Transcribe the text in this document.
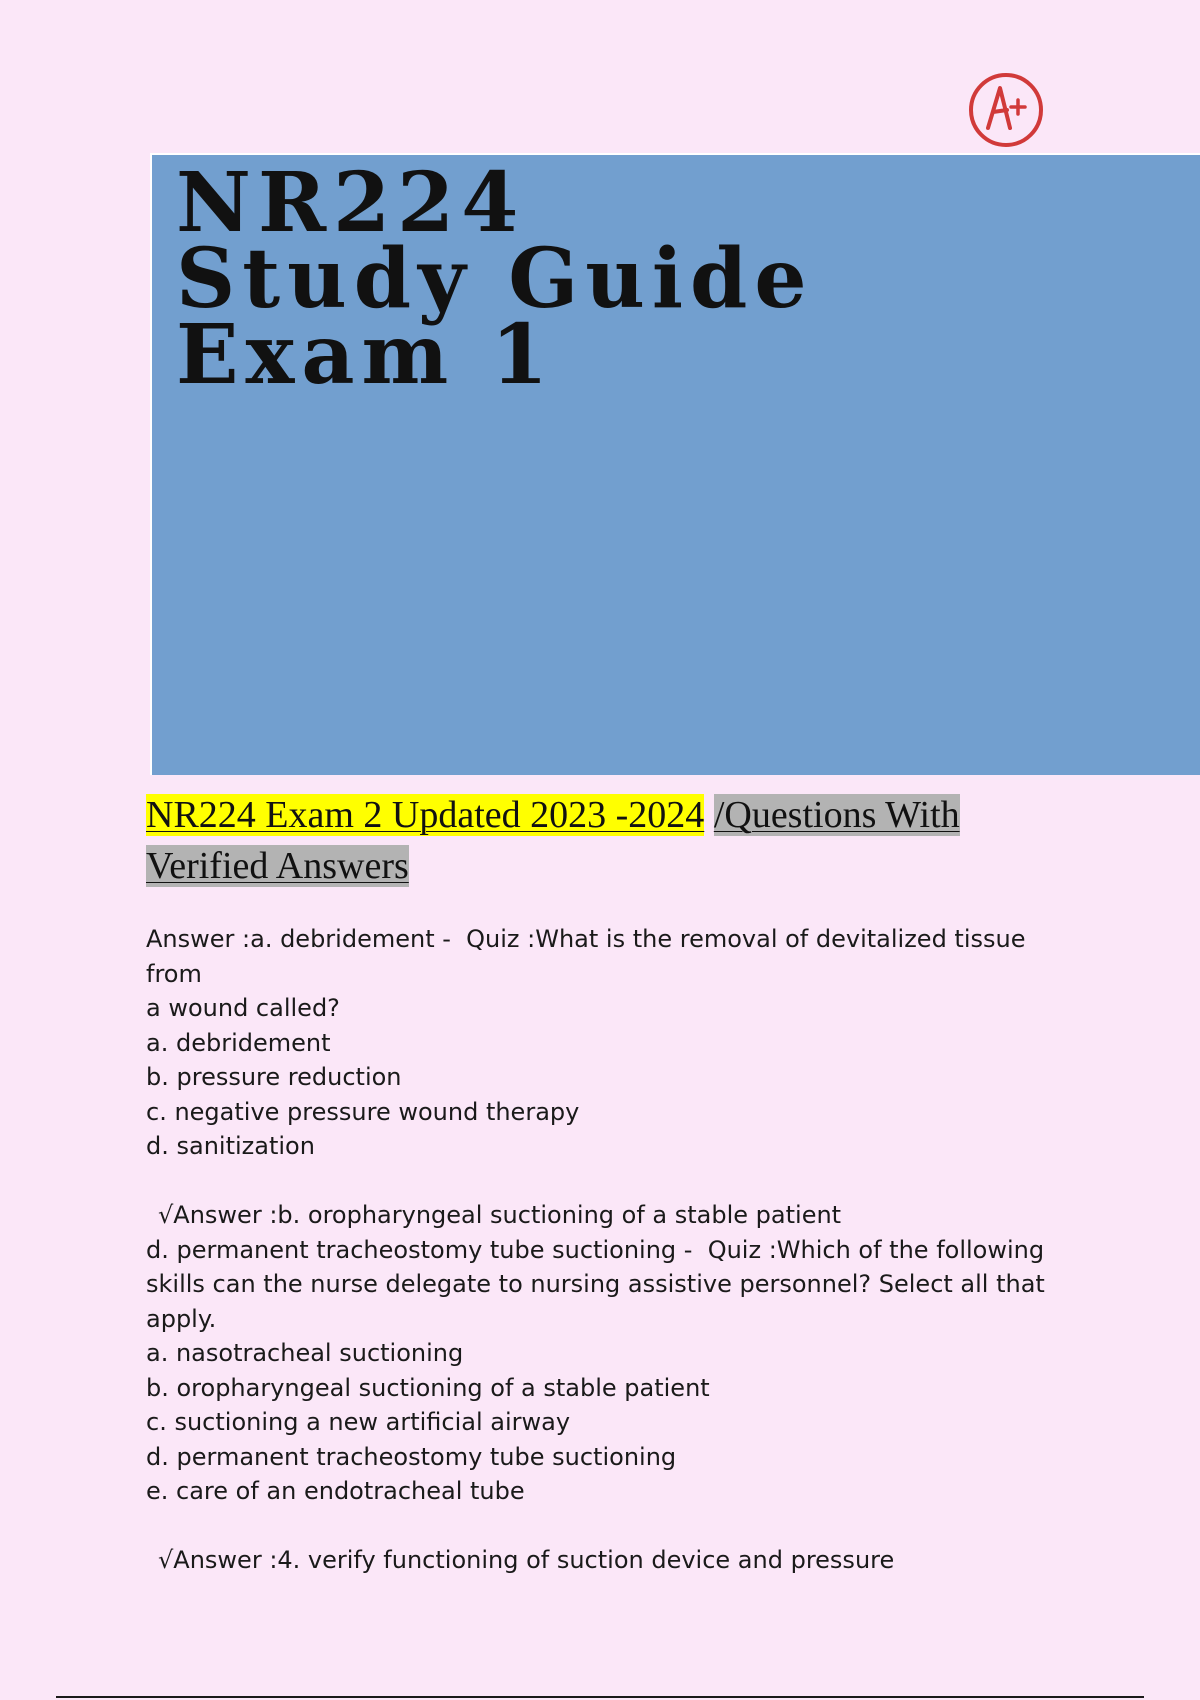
NR224
Study Guide
Exam 1
NR224 Exam 2 Updated 2023 -2024 /Questions With
Verified Answers
Answer :a. debridement -  Quiz :What is the removal of devitalized tissue from
a wound called?
a. debridement
b. pressure reduction
c. negative pressure wound therapy
d. sanitization
√Answer :b. oropharyngeal suctioning of a stable patient
d. permanent tracheostomy tube suctioning -  Quiz :Which of the following
skills can the nurse delegate to nursing assistive personnel? Select all that
apply.
a. nasotracheal suctioning
b. oropharyngeal suctioning of a stable patient
c. suctioning a new artificial airway
d. permanent tracheostomy tube suctioning
e. care of an endotracheal tube
√Answer :4. verify functioning of suction device and pressure
